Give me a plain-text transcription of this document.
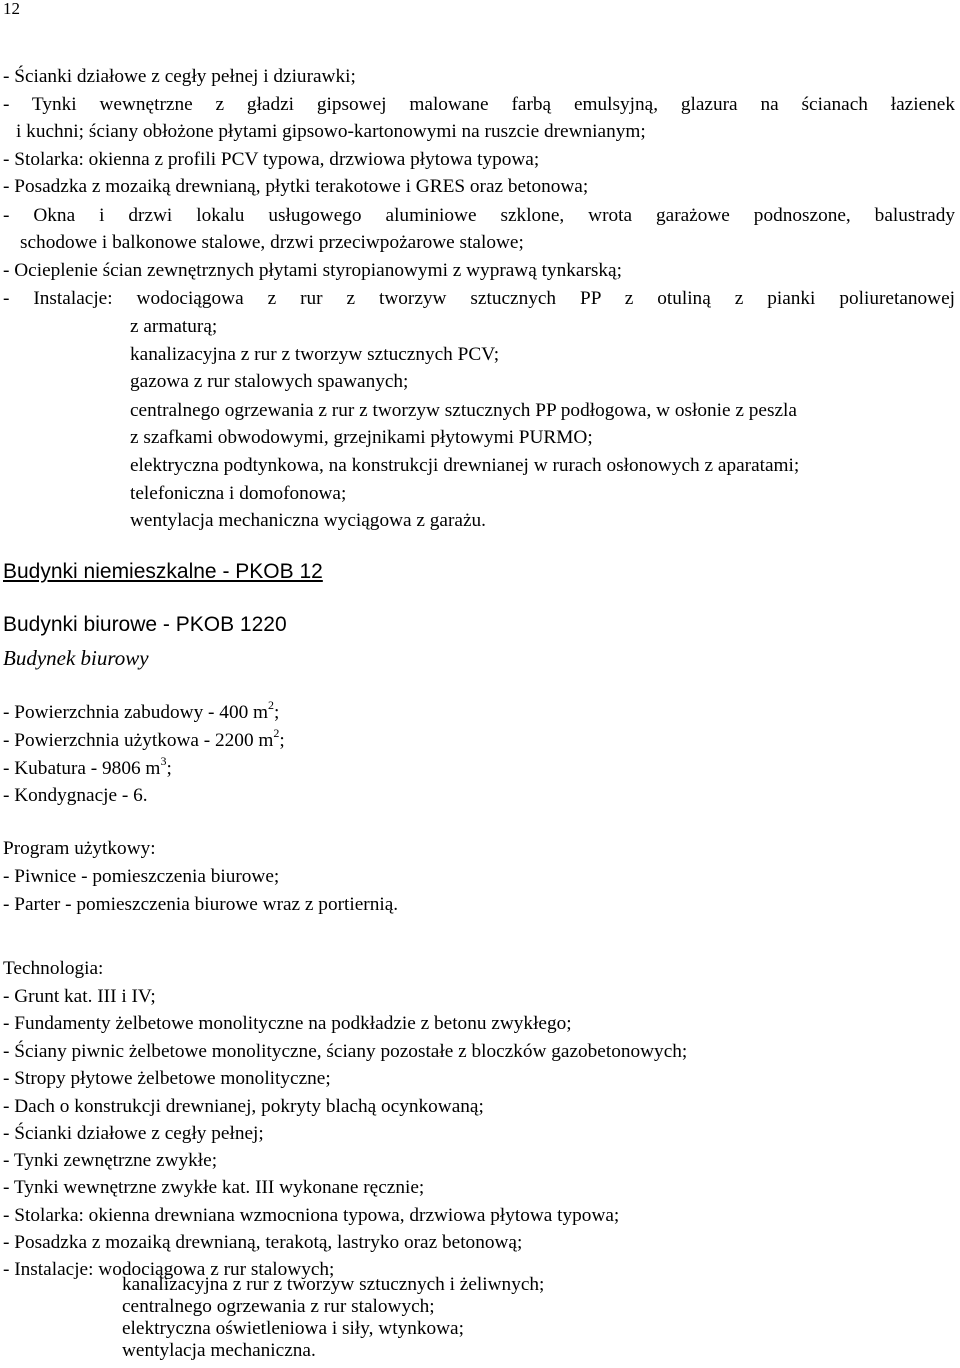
12
- Ścianki działowe z cegły pełnej i dziurawki;
- Tynki wewnętrzne z gładzi gipsowej malowane farbą emulsyjną, glazura na ścianach łazienek
i kuchni; ściany obłożone płytami gipsowo-kartonowymi na ruszcie drewnianym;
- Stolarka: okienna z profili PCV typowa, drzwiowa płytowa typowa;
- Posadzka z mozaiką drewnianą, płytki terakotowe i GRES oraz betonowa;
- Okna i drzwi lokalu usługowego aluminiowe szklone, wrota garażowe podnoszone, balustrady
schodowe i balkonowe stalowe, drzwi przeciwpożarowe stalowe;
- Ocieplenie ścian zewnętrznych płytami styropianowymi z wyprawą tynkarską;
- Instalacje: wodociągowa z rur z tworzyw sztucznych PP z otuliną z pianki poliuretanowej
z armaturą;
kanalizacyjna z rur z tworzyw sztucznych PCV;
gazowa z rur stalowych spawanych;
centralnego ogrzewania z rur z tworzyw sztucznych PP podłogowa, w osłonie z peszla
z szafkami obwodowymi, grzejnikami płytowymi PURMO;
elektryczna podtynkowa, na konstrukcji drewnianej w rurach osłonowych z aparatami;
telefoniczna i domofonowa;
wentylacja mechaniczna wyciągowa z garażu.
Budynki niemieszkalne - PKOB 12
Budynki biurowe - PKOB 1220
Budynek biurowy
- Powierzchnia zabudowy - 400 $m^2$;
- Powierzchnia użytkowa - 2200 $m^2$;
- Kubatura - 9806 $m^3$;
- Kondygnacje - 6.
Program użytkowy:
- Piwnice - pomieszczenia biurowe;
- Parter - pomieszczenia biurowe wraz z portiernią.
Technologia:
- Grunt kat. III i IV;
- Fundamenty żelbetowe monolityczne na podkładzie z betonu zwykłego;
- Ściany piwnic żelbetowe monolityczne, ściany pozostałe z bloczków gazobetonowych;
- Stropy płytowe żelbetowe monolityczne;
- Dach o konstrukcji drewnianej, pokryty blachą ocynkowaną;
- Ścianki działowe z cegły pełnej;
- Tynki zewnętrzne zwykłe;
- Tynki wewnętrzne zwykłe kat. III wykonane ręcznie;
- Stolarka: okienna drewniana wzmocniona typowa, drzwiowa płytowa typowa;
- Posadzka z mozaiką drewnianą, terakotą, lastryko oraz betonową;
- Instalacje: wodociągowa z rur stalowych;
kanalizacyjna z rur z tworzyw sztucznych i żeliwnych;
centralnego ogrzewania z rur stalowych;
elektryczna oświetleniowa i siły, wtynkowa;
wentylacja mechaniczna.
